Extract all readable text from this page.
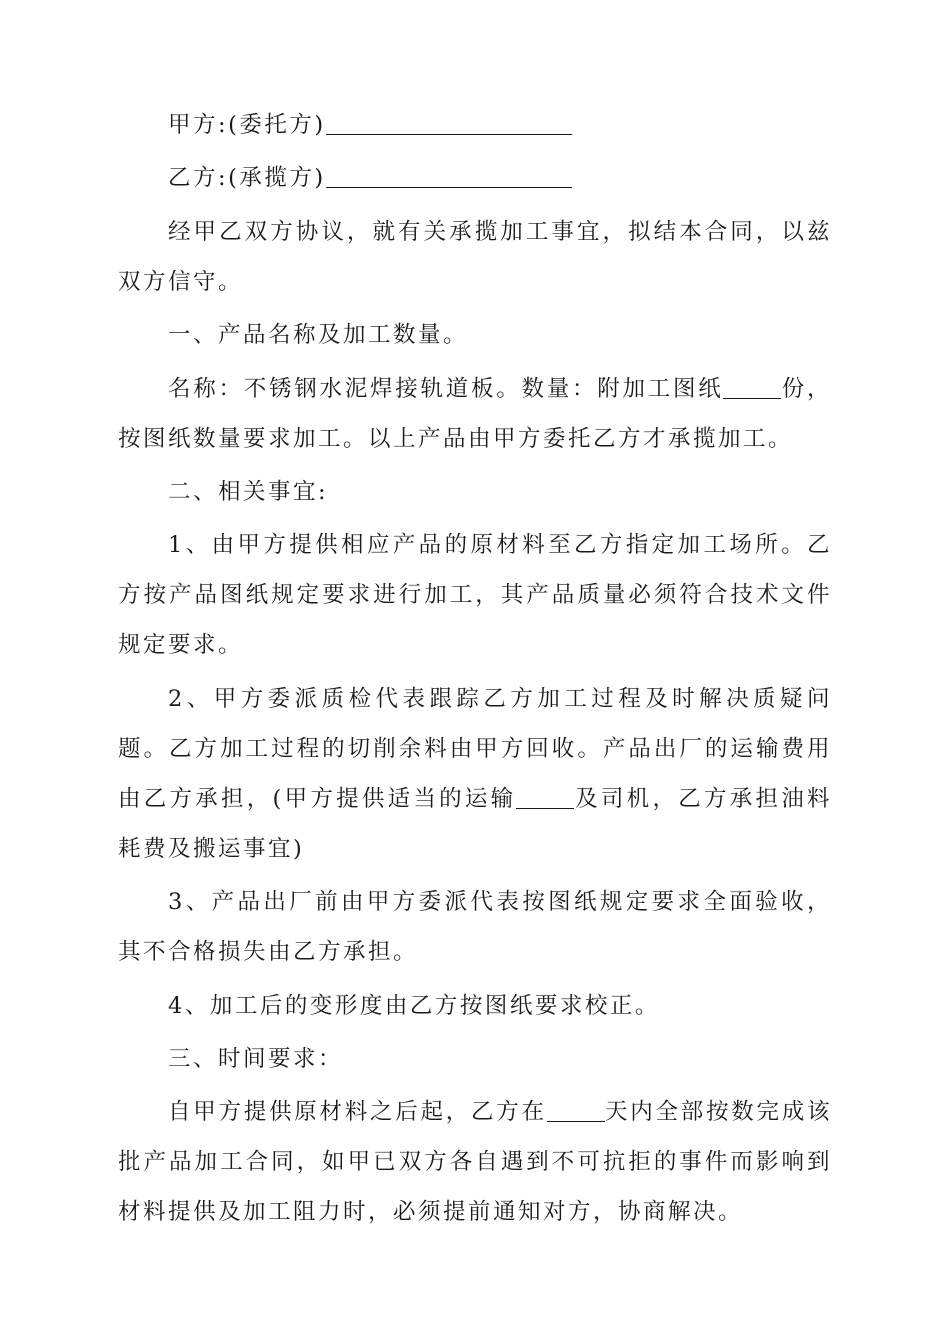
甲方:(委托方)

乙方:(承揽方)

经甲乙双方协议，就有关承揽加工事宜，拟结本合同，以兹双方信守。

一、产品名称及加工数量。

名称：不锈钢水泥焊接轨道板。数量：附加工图纸	份，按图纸数量要求加工。以上产品由甲方委托乙方才承揽加工。

二、相关事宜:

1、由甲方提供相应产品的原材料至乙方指定加工场所。乙方按产品图纸规定要求进行加工，其产品质量必须符合技术文件规定要求。

2、甲方委派质检代表跟踪乙方加工过程及时解决质疑问题。乙方加工过程的切削余料由甲方回收。产品出厂的运输费用由乙方承担，(甲方提供适当的运输	及司机，乙方承担油料耗费及搬运事宜)

3、产品出厂前由甲方委派代表按图纸规定要求全面验收，其不合格损失由乙方承担。

4、加工后的变形度由乙方按图纸要求校正。

三、时间要求：

自甲方提供原材料之后起，乙方在	天内全部按数完成该批产品加工合同，如甲已双方各自遇到不可抗拒的事件而影响到材料提供及加工阻力时，必须提前通知对方，协商解决。
